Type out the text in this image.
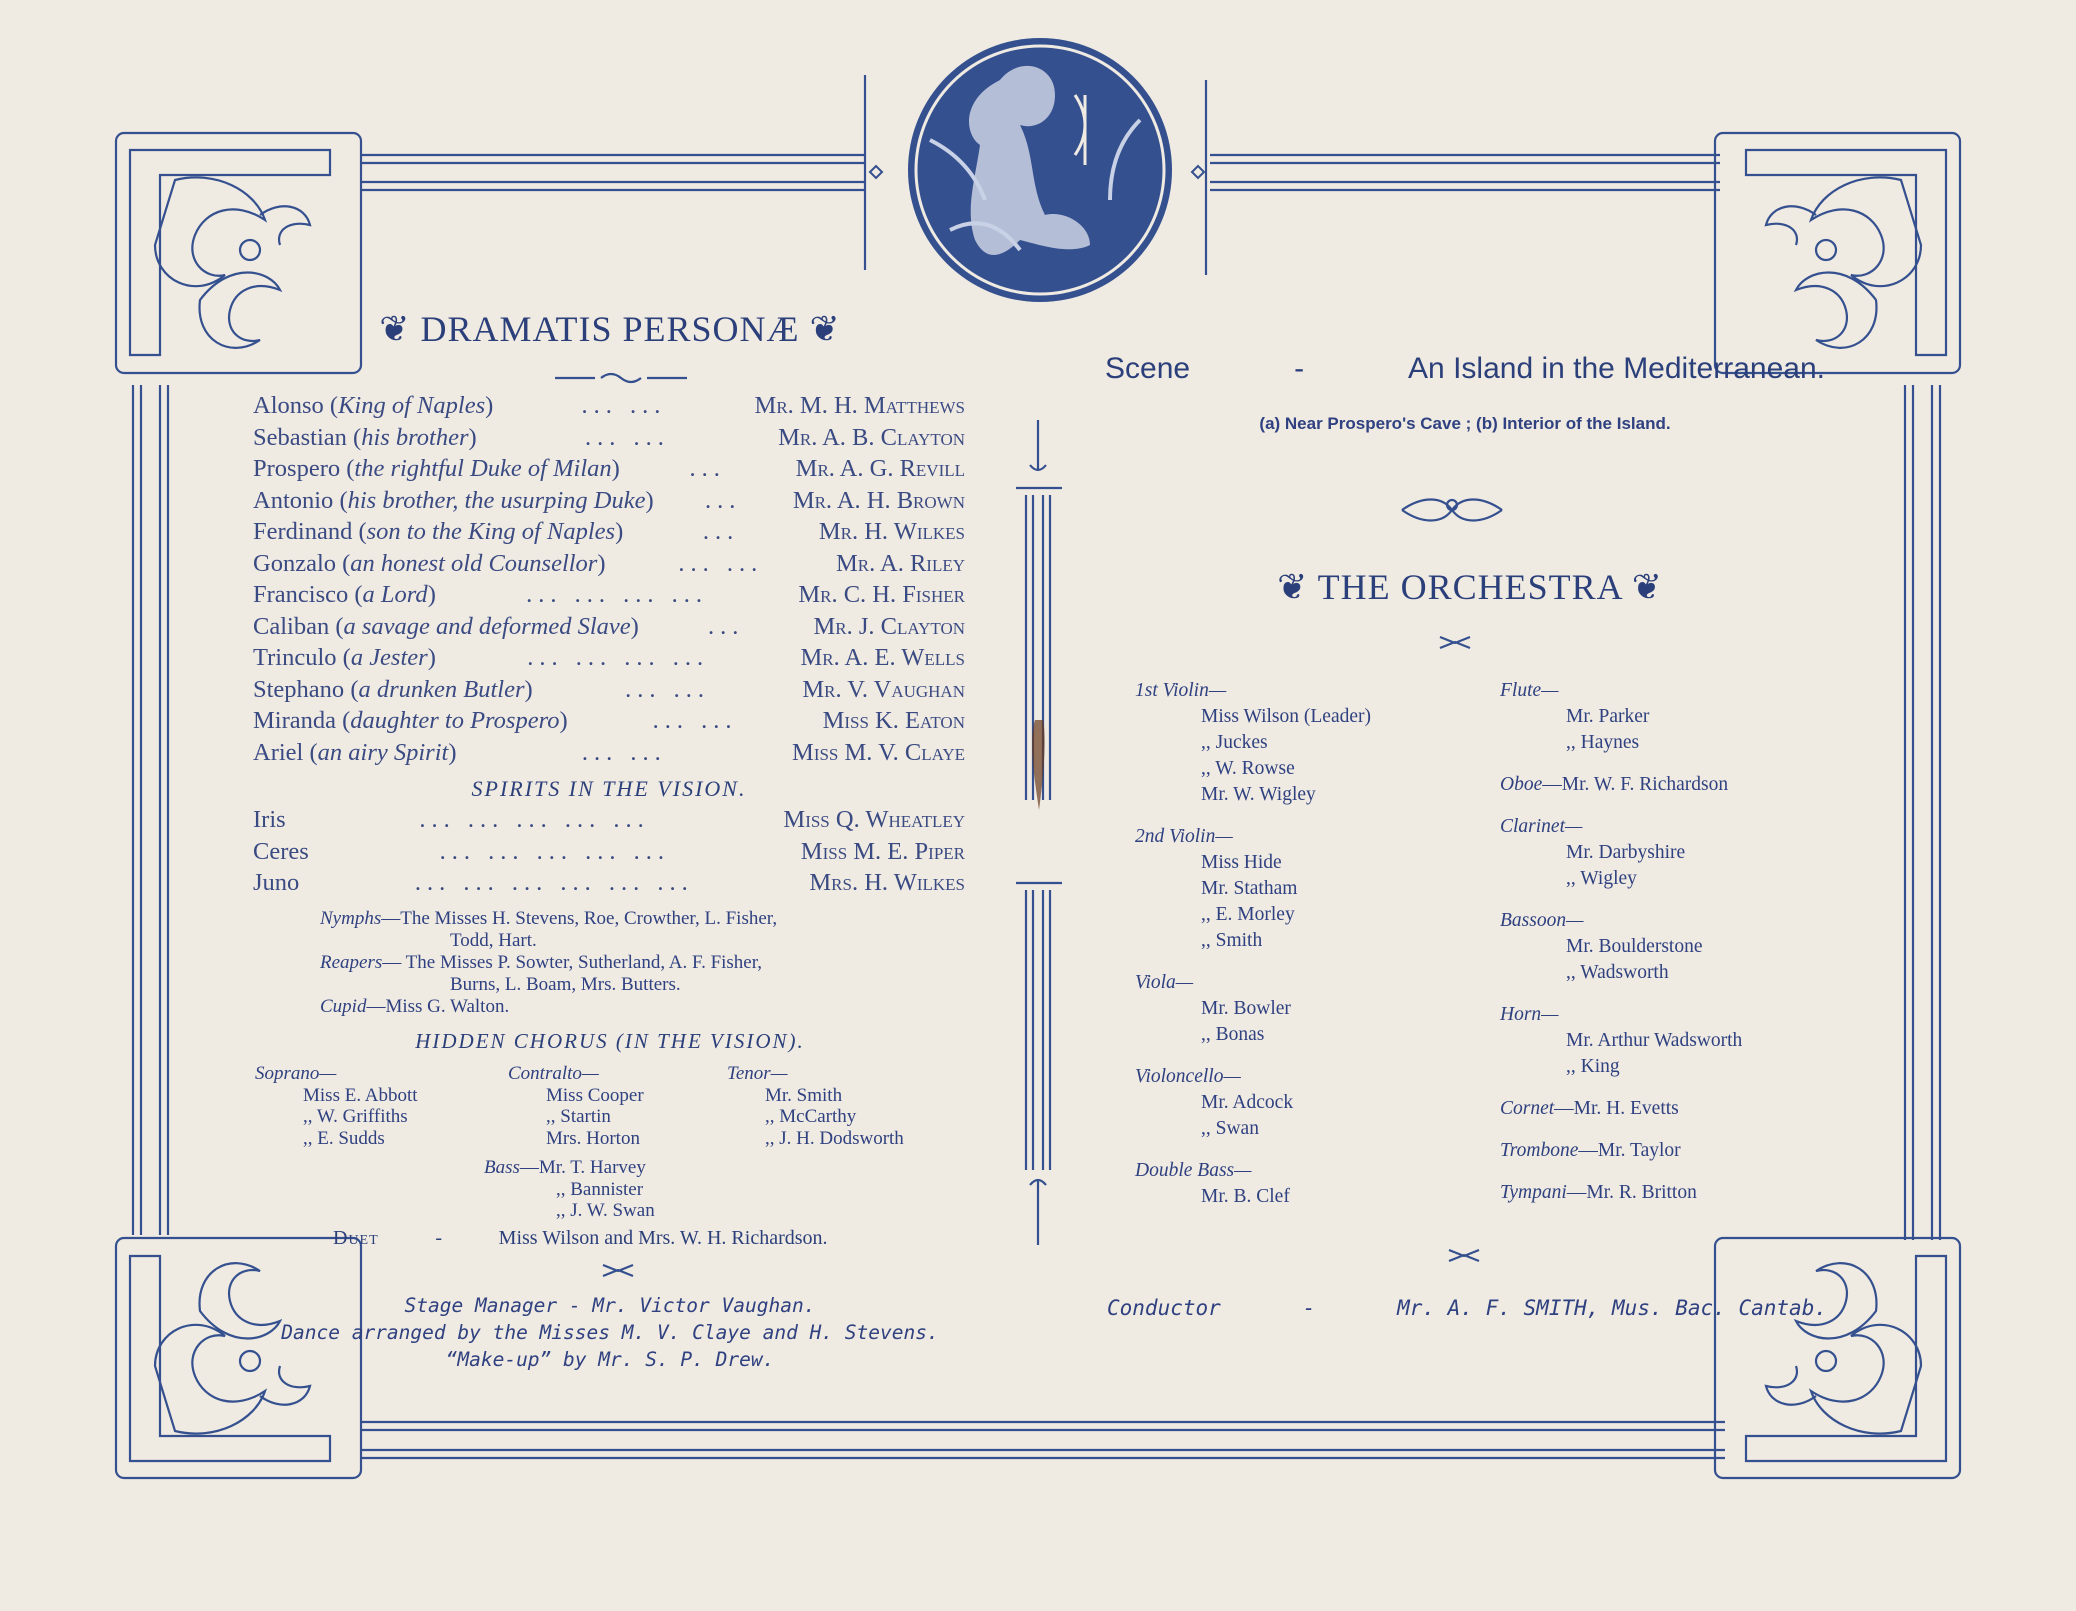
❦ DRAMATIS PERSONÆ ❦
Alonso (King of Naples)	... ...	Mr. M. H. Matthews
Sebastian (his brother)	... ...	Mr. A. B. Clayton
Prospero (the rightful Duke of Milan)	...	Mr. A. G. Revill
Antonio (his brother, the usurping Duke)	...	Mr. A. H. Brown
Ferdinand (son to the King of Naples)	...	Mr. H. Wilkes
Gonzalo (an honest old Counsellor)	... ...	Mr. A. Riley
Francisco (a Lord)	... ... ... ...	Mr. C. H. Fisher
Caliban (a savage and deformed Slave)	...	Mr. J. Clayton
Trinculo (a Jester)	... ... ... ...	Mr. A. E. Wells
Stephano (a drunken Butler)	... ...	Mr. V. Vaughan
Miranda (daughter to Prospero)	... ...	Miss K. Eaton
Ariel (an airy Spirit)	... ...	Miss M. V. Claye
SPIRITS IN THE VISION.
Iris	... ... ... ... ...	Miss Q. Wheatley
Ceres	... ... ... ... ...	Miss M. E. Piper
Juno	... ... ... ... ... ...	Mrs. H. Wilkes
Nymphs—The Misses H. Stevens, Roe, Crowther, L. Fisher,
Todd, Hart.
Reapers— The Misses P. Sowter, Sutherland, A. F. Fisher,
Burns, L. Boam, Mrs. Butters.
Cupid—Miss G. Walton.
HIDDEN CHORUS (IN THE VISION).
Soprano—
Miss E. Abbott
,, W. Griffiths
,, E. Sudds
Contralto—
Miss Cooper
,, Startin
Mrs. Horton
Tenor—
Mr. Smith
,, McCarthy
,, J. H. Dodsworth
Bass—Mr. T. Harvey
,, Bannister
,, J. W. Swan
Duet	-	Miss Wilson and Mrs. W. H. Richardson.
Stage Manager - Mr. Victor Vaughan.
Dance arranged by the Misses M. V. Claye and H. Stevens.
“Make-up” by Mr. S. P. Drew.
Scene	-	An Island in the Mediterranean.
(a) Near Prospero's Cave ; (b) Interior of the Island.
❦ THE ORCHESTRA ❦
1st Violin—
Miss Wilson (Leader)
,, Juckes
,, W. Rowse
Mr. W. Wigley
2nd Violin—
Miss Hide
Mr. Statham
,, E. Morley
,, Smith
Viola—
Mr. Bowler
,, Bonas
Violoncello—
Mr. Adcock
,, Swan
Double Bass—
Mr. B. Clef
Flute—
Mr. Parker
,, Haynes
Oboe—Mr. W. F. Richardson
Clarinet—
Mr. Darbyshire
,, Wigley
Bassoon—
Mr. Boulderstone
,, Wadsworth
Horn—
Mr. Arthur Wadsworth
,, King
Cornet—Mr. H. Evetts
Trombone—Mr. Taylor
Tympani—Mr. R. Britton
Conductor	-	Mr. A. F. SMITH, Mus. Bac. Cantab.
